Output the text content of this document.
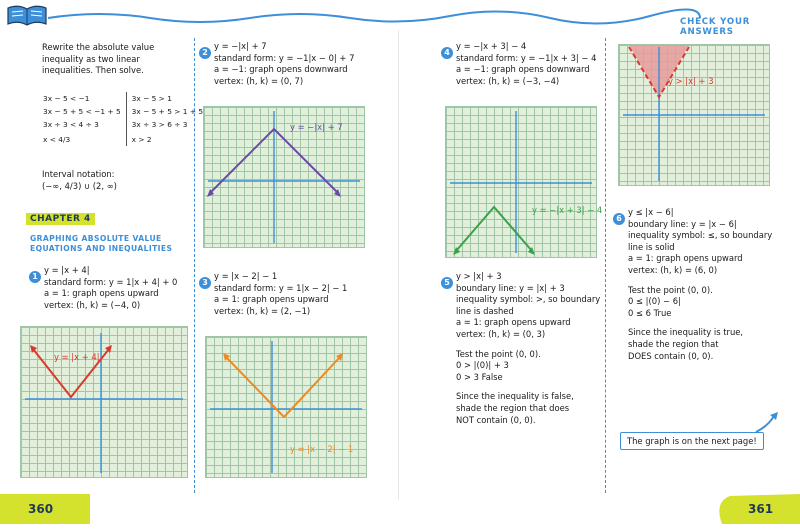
CHECK YOUR ANSWERS
Rewrite the absolute value
inequality as two linear
inequalities. Then solve.
3x − 5 < −1	3x − 5 > 1
3x − 5 + 5 < −1 + 5	3x − 5 + 5 > 1 + 5
3x ÷ 3 < 4 ÷ 3	3x ÷ 3 > 6 ÷ 3
x < 4/3	x > 2
Interval notation:
(−∞, 4/3) ∪ (2, ∞)
CHAPTER 4
GRAPHING ABSOLUTE VALUE
EQUATIONS AND INEQUALITIES
1
y = |x + 4|
standard form: y = 1|x + 4| + 0
a = 1: graph opens upward
vertex: (h, k) = (−4, 0)
y = |x + 4|
2
y = −|x| + 7
standard form: y = −1|x − 0| + 7
a = −1: graph opens downward
vertex: (h, k) = (0, 7)
y = −|x| + 7
3
y = |x − 2| − 1
standard form: y = 1|x − 2| − 1
a = 1: graph opens upward
vertex: (h, k) = (2, −1)
y = |x − 2| − 1
4
y = −|x + 3| − 4
standard form: y = −1|x + 3| − 4
a = −1: graph opens downward
vertex: (h, k) = (−3, −4)
y = −|x + 3| − 4
5
y > |x| + 3
boundary line: y = |x| + 3
inequality symbol: >, so boundary
line is dashed
a = 1: graph opens upward
vertex: (h, k) = (0, 3)
Test the point (0, 0).
0 > |(0)| + 3
0 > 3 False
Since the inequality is false,
shade the region that does
NOT contain (0, 0).
y > |x| + 3
6
y ≤ |x − 6|
boundary line: y = |x − 6|
inequality symbol: ≤, so boundary
line is solid
a = 1: graph opens upward
vertex: (h, k) = (6, 0)
Test the point (0, 0).
0 ≤ |(0) − 6|
0 ≤ 6 True
Since the inequality is true,
shade the region that
DOES contain (0, 0).
The graph is on the next page!
360	361
